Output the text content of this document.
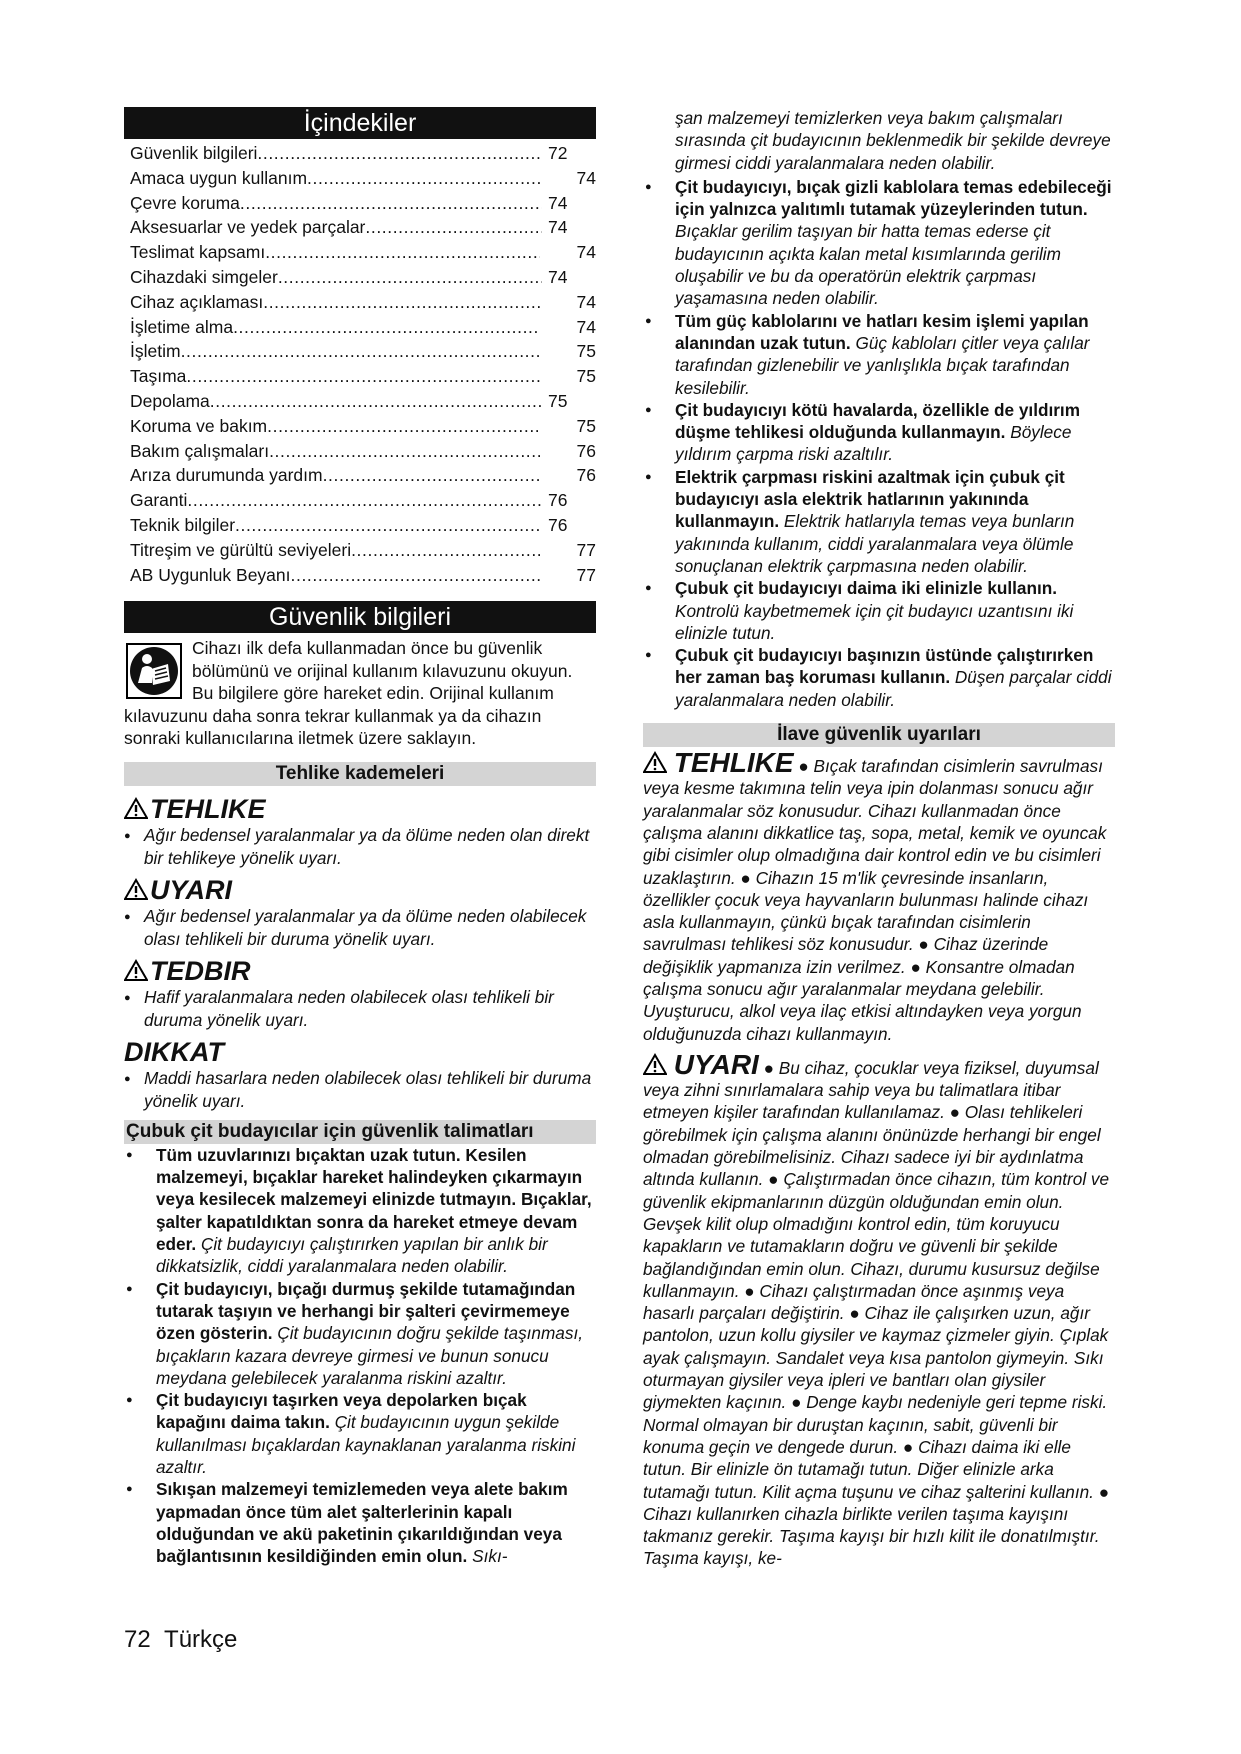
İçindekiler
Güvenlik bilgileri .....	72
Amaca uygun kullanım .....	74
Çevre koruma .....	74
Aksesuarlar ve yedek parçalar .....	74
Teslimat kapsamı .....	74
Cihazdaki simgeler .....	74
Cihaz açıklaması .....	74
İşletime alma .....	74
İşletim .....	75
Taşıma .....	75
Depolama .....	75
Koruma ve bakım .....	75
Bakım çalışmaları .....	76
Arıza durumunda yardım .....	76
Garanti .....	76
Teknik bilgiler .....	76
Titreşim ve gürültü seviyeleri .....	77
AB Uygunluk Beyanı .....	77
Güvenlik bilgileri
Cihazı ilk defa kullanmadan önce bu güvenlik bölümünü ve orijinal kullanım kılavuzunu okuyun. Bu bilgilere göre hareket edin. Orijinal kullanım kılavuzunu daha sonra tekrar kullanmak ya da cihazın sonraki kullanıcılarına iletmek üzere saklayın.
Tehlike kademeleri
TEHLIKE

● Ağır bedensel yaralanmalar ya da ölüme neden olan direkt bir tehlikeye yönelik uyarı.

UYARI

● Ağır bedensel yaralanmalar ya da ölüme neden olabilecek olası tehlikeli bir duruma yönelik uyarı.

TEDBIR

● Hafif yaralanmalara neden olabilecek olası tehlikeli bir duruma yönelik uyarı.

DIKKAT

● Maddi hasarlara neden olabilecek olası tehlikeli bir duruma yönelik uyarı.

Çubuk çit budayıcılar için güvenlik talimatları
● Tüm uzuvlarınızı bıçaktan uzak tutun. Kesilen malzemeyi, bıçaklar hareket halindeyken çıkarmayın veya kesilecek malzemeyi elinizde tutmayın. Bıçaklar, şalter kapatıldıktan sonra da hareket etmeye devam eder. Çit budayıcıyı çalıştırırken yapılan bir anlık bir dikkatsizlik, ciddi yaralanmalara neden olabilir.
● Çit budayıcıyı, bıçağı durmuş şekilde tutamağından tutarak taşıyın ve herhangi bir şalteri çevirmemeye özen gösterin. Çit budayıcının doğru şekilde taşınması, bıçakların kazara devreye girmesi ve bunun sonucu meydana gelebilecek yaralanma riskini azaltır.
● Çit budayıcıyı taşırken veya depolarken bıçak kapağını daima takın. Çit budayıcının uygun şekilde kullanılması bıçaklardan kaynaklanan yaralanma riskini azaltır.
● Sıkışan malzemeyi temizlemeden veya alete bakım yapmadan önce tüm alet şalterlerinin kapalı olduğundan ve akü paketinin çıkarıldığından veya bağlantısının kesildiğinden emin olun. Sıkı-

şan malzemeyi temizlerken veya bakım çalışmaları sırasında çit budayıcının beklenmedik bir şekilde devreye girmesi ciddi yaralanmalara neden olabilir.

● Çit budayıcıyı, bıçak gizli kablolara temas edebileceği için yalnızca yalıtımlı tutamak yüzeylerinden tutun. Bıçaklar gerilim taşıyan bir hatta temas ederse çit budayıcının açıkta kalan metal kısımlarında gerilim oluşabilir ve bu da operatörün elektrik çarpması yaşamasına neden olabilir.
● Tüm güç kablolarını ve hatları kesim işlemi yapılan alanından uzak tutun. Güç kabloları çitler veya çalılar tarafından gizlenebilir ve yanlışlıkla bıçak tarafından kesilebilir.
● Çit budayıcıyı kötü havalarda, özellikle de yıldırım düşme tehlikesi olduğunda kullanmayın. Böylece yıldırım çarpma riski azaltılır.
● Elektrik çarpması riskini azaltmak için çubuk çit budayıcıyı asla elektrik hatlarının yakınında kullanmayın. Elektrik hatlarıyla temas veya bunların yakınında kullanım, ciddi yaralanmalara veya ölümle sonuçlanan elektrik çarpmasına neden olabilir.
● Çubuk çit budayıcıyı daima iki elinizle kullanın. Kontrolü kaybetmemek için çit budayıcı uzantısını iki elinizle tutun.
● Çubuk çit budayıcıyı başınızın üstünde çalıştırırken her zaman baş koruması kullanın. Düşen parçalar ciddi yaralanmalara neden olabilir.
İlave güvenlik uyarıları

TEHLIKE ● Bıçak tarafından cisimlerin savrulması veya kesme takımına telin veya ipin dolanması sonucu ağır yaralanmalar söz konusudur. Cihazı kullanmadan önce çalışma alanını dikkatlice taş, sopa, metal, kemik ve oyuncak gibi cisimler olup olmadığına dair kontrol edin ve bu cisimleri uzaklaştırın. ● Cihazın 15 m'lik çevresinde insanların, özellikler çocuk veya hayvanların bulunması halinde cihazı asla kullanmayın, çünkü bıçak tarafından cisimlerin savrulması tehlikesi söz konusudur. ● Cihaz üzerinde değişiklik yapmanıza izin verilmez. ● Konsantre olmadan çalışma sonucu ağır yaralanmalar meydana gelebilir. Uyuşturucu, alkol veya ilaç etkisi altındayken veya yorgun olduğunuzda cihazı kullanmayın.

UYARI ● Bu cihaz, çocuklar veya fiziksel, duyumsal veya zihni sınırlamalara sahip veya bu talimatlara itibar etmeyen kişiler tarafından kullanılamaz. ● Olası tehlikeleri görebilmek için çalışma alanını önünüzde herhangi bir engel olmadan görebilmelisiniz. Cihazı sadece iyi bir aydınlatma altında kullanın. ● Çalıştırmadan önce cihazın, tüm kontrol ve güvenlik ekipmanlarının düzgün olduğundan emin olun. Gevşek kilit olup olmadığını kontrol edin, tüm koruyucu kapakların ve tutamakların doğru ve güvenli bir şekilde bağlandığından emin olun. Cihazı, durumu kusursuz değilse kullanmayın. ● Cihazı çalıştırmadan önce aşınmış veya hasarlı parçaları değiştirin. ● Cihaz ile çalışırken uzun, ağır pantolon, uzun kollu giysiler ve kaymaz çizmeler giyin. Çıplak ayak çalışmayın. Sandalet veya kısa pantolon giymeyin. Sıkı oturmayan giysiler veya ipleri ve bantları olan giysiler giymekten kaçının. ● Denge kaybı nedeniyle geri tepme riski. Normal olmayan bir duruştan kaçının, sabit, güvenli bir konuma geçin ve dengede durun. ● Cihazı daima iki elle tutun. Bir elinizle ön tutamağı tutun. Diğer elinizle arka tutamağı tutun. Kilit açma tuşunu ve cihaz şalterini kullanın. ● Cihazı kullanırken cihazla birlikte verilen taşıma kayışını takmanız gerekir. Taşıma kayışı bir hızlı kilit ile donatılmıştır. Taşıma kayışı, ke-

72 Türkçe
